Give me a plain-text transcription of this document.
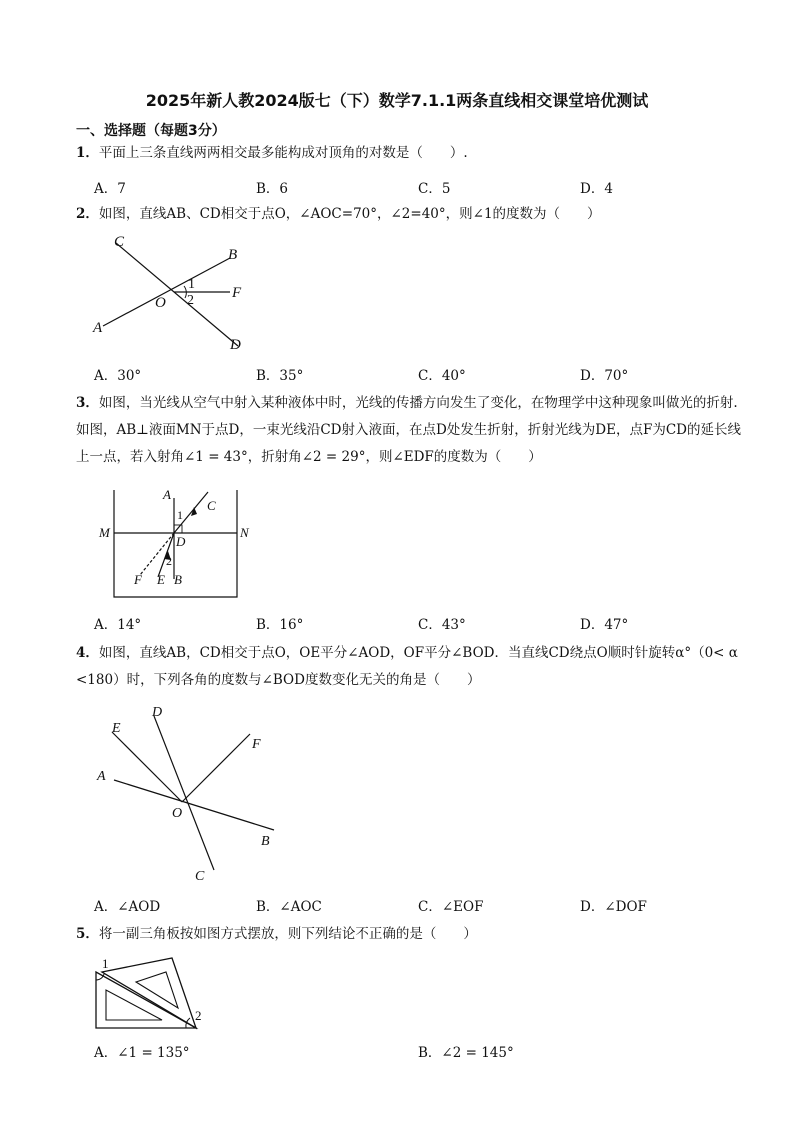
2025年新人教2024版七（下）数学7.1.1两条直线相交课堂培优测试
一、选择题（每题3分）
1．平面上三条直线两两相交最多能构成对顶角的对数是（　　）.
A．7	B．6	C．5	D．4
2．如图，直线AB、CD相交于点O，∠AOC=70°，∠2=40°，则∠1的度数为（　　）
C
B
1
F
O 2
A
D
A．30°	B．35°	C．40°	D．70°
3．如图，当光线从空气中射入某种液体中时，光线的传播方向发生了变化，在物理学中这种现象叫做光的折射.如图，AB⊥液面MN于点D，一束光线沿CD射入液面，在点D处发生折射，折射光线为DE，点F为CD的延长线上一点，若入射角∠1 = 43°，折射角∠2 = 29°，则∠EDF的度数为（　　）
A
C
1
M	N
D
2
F E B
A．14°	B．16°	C．43°	D．47°
4．如图，直线AB，CD相交于点O，OE平分∠AOD，OF平分∠BOD．当直线CD绕点O顺时针旋转α°（0< α <180）时，下列各角的度数与∠BOD度数变化无关的角是（　　）
D
E
F
A
O
B
C
A．∠AOD	B．∠AOC	C．∠EOF	D．∠DOF
5．将一副三角板按如图方式摆放，则下列结论不正确的是（　　）
1
2
A．∠1 = 135°	B．∠2 = 145°
